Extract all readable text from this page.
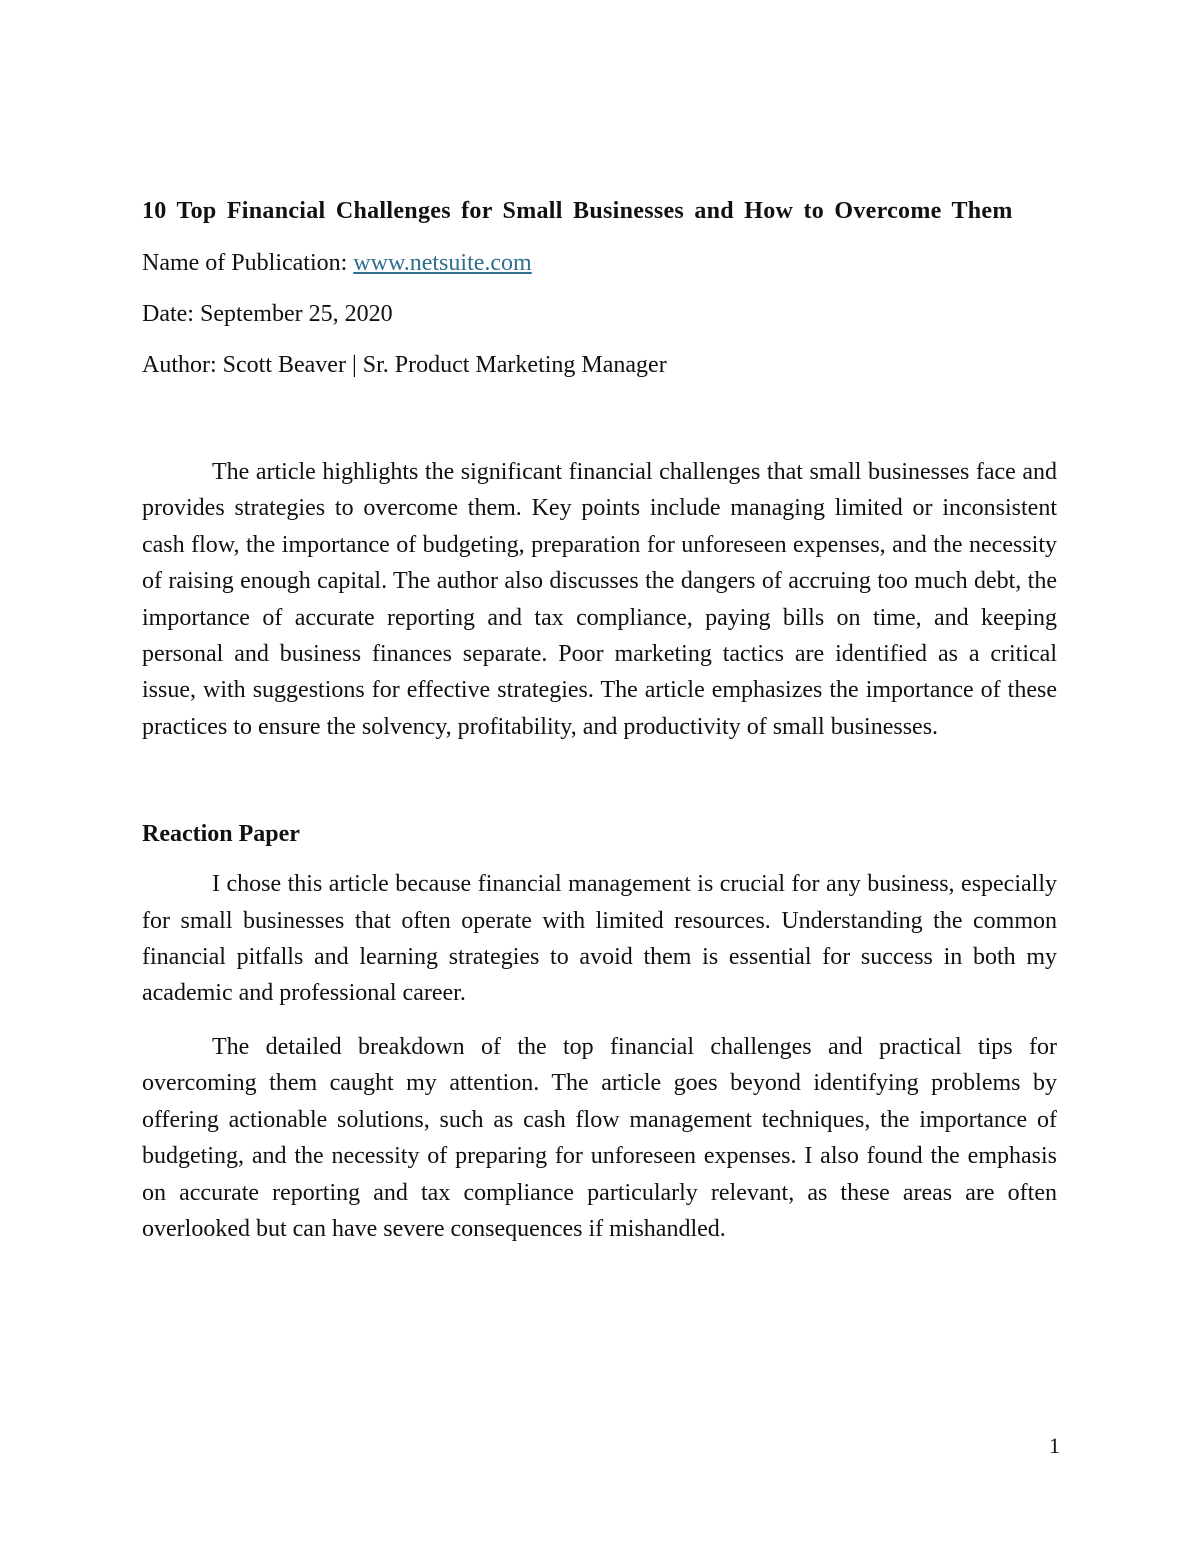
10 Top Financial Challenges for Small Businesses and How to Overcome Them

Name of Publication: www.netsuite.com

Date: September 25, 2020

Author: Scott Beaver | Sr. Product Marketing Manager

The article highlights the significant financial challenges that small businesses face and provides strategies to overcome them. Key points include managing limited or inconsistent cash flow, the importance of budgeting, preparation for unforeseen expenses, and the necessity of raising enough capital. The author also discusses the dangers of accruing too much debt, the importance of accurate reporting and tax compliance, paying bills on time, and keeping personal and business finances separate. Poor marketing tactics are identified as a critical issue, with suggestions for effective strategies. The article emphasizes the importance of these practices to ensure the solvency, profitability, and productivity of small businesses.

Reaction Paper

I chose this article because financial management is crucial for any business, especially for small businesses that often operate with limited resources. Understanding the common financial pitfalls and learning strategies to avoid them is essential for success in both my academic and professional career.

The detailed breakdown of the top financial challenges and practical tips for overcoming them caught my attention. The article goes beyond identifying problems by offering actionable solutions, such as cash flow management techniques, the importance of budgeting, and the necessity of preparing for unforeseen expenses. I also found the emphasis on accurate reporting and tax compliance particularly relevant, as these areas are often overlooked but can have severe consequences if mishandled.

1
